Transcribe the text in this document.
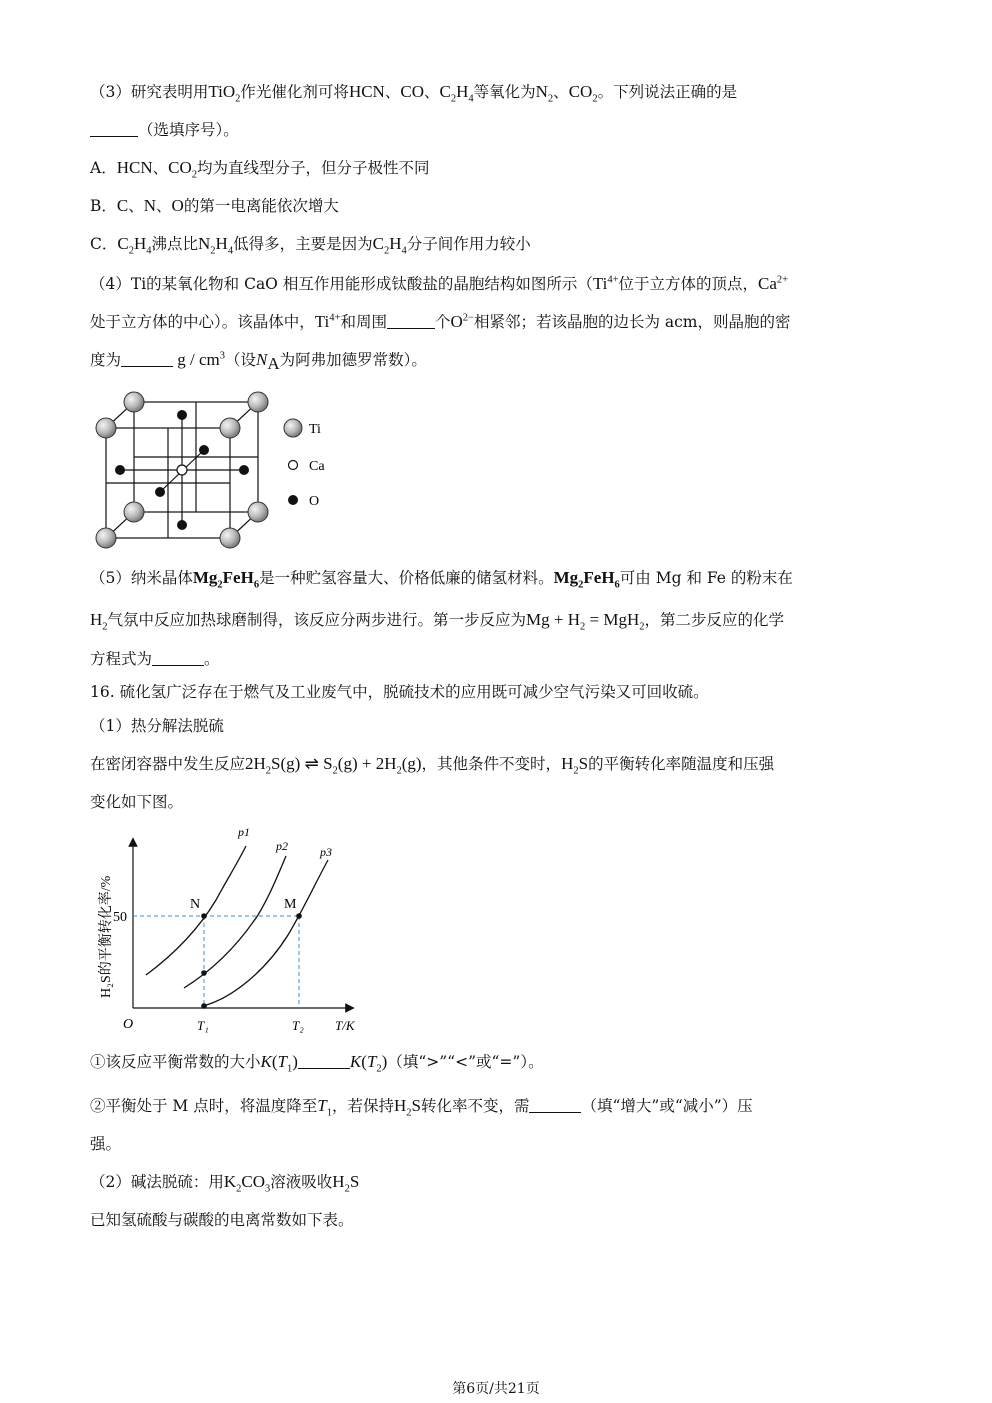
（3）研究表明用TiO$_2$作光催化剂可将HCN、CO、$C_2H_4$等氧化为$N_2$、$CO_2$。下列说法正确的是
（选填序号）。
A．HCN、$CO_2$均为直线型分子，但分子极性不同
B．C、N、O的第一电离能依次增大
C．$C_2H_4$沸点比$N_2H_4$低得多，主要是因为$C_2H_4$分子间作用力较小
（4）Ti的某氧化物和 CaO 相互作用能形成钛酸盐的晶胞结构如图所示（$Ti^{4+}$位于立方体的顶点，$Ca^{2+}$
处于立方体的中心）。该晶体中，$Ti^{4+}$和周围	个$O^{2-}$相紧邻；若该晶胞的边长为 acm，则晶胞的密
度为	g / $cm^3$（设$N_A$为阿弗加德罗常数）。
Ti
Ca
O
（5）纳米晶体$Mg_2FeH_6$是一种贮氢容量大、价格低廉的储氢材料。$Mg_2FeH_6$可由 Mg 和 Fe 的粉末在
$H_2$气氛中反应加热球磨制得，该反应分两步进行。第一步反应为$Mg + H_2 = MgH_2$，第二步反应的化学
方程式为	。
16. 硫化氢广泛存在于燃气及工业废气中，脱硫技术的应用既可减少空气污染又可回收硫。
（1）热分解法脱硫
在密闭容器中发生反应$2H_2S(g)$ ⇌ $S_2(g) + 2H_2(g)$，其他条件不变时，$H_2S$的平衡转化率随温度和压强
变化如下图。
N	M
p1
p2	p3
50
O	T₁	T₂ T/K
H₂S的平衡转化率/%
①该反应平衡常数的大小$K(T_1)$	$K(T_2)$（填“>”“<”或“=”）。
②平衡处于 M 点时，将温度降至$T_1$，若保持$H_2S$转化率不变，需	（填“增大”或“减小”）压
强。
（2）碱法脱硫：用$K_2CO_3$溶液吸收$H_2S$
已知氢硫酸与碳酸的电离常数如下表。
第6页/共21页
